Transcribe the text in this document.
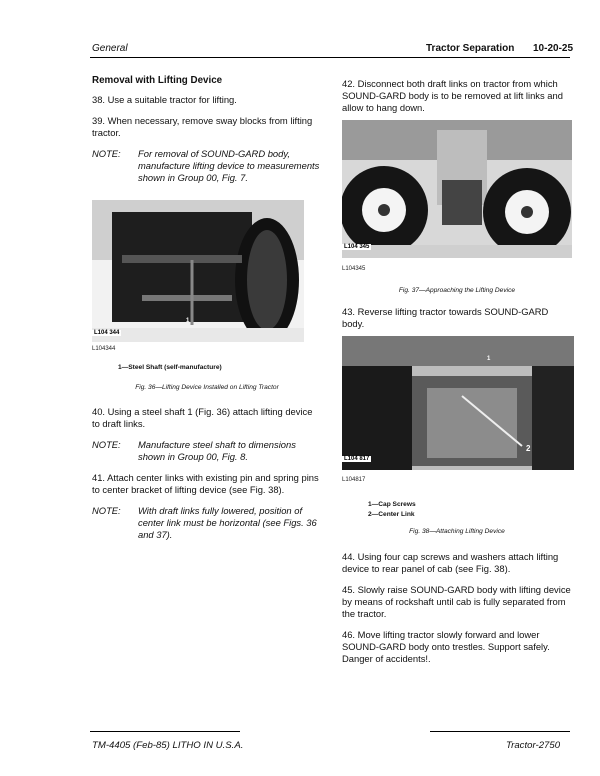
General	Tractor Separation 10-20-25

Removal with Lifting Device

38. Use a suitable tractor for lifting.

39. When necessary, remove sway blocks from lifting tractor.

NOTE:	For removal of SOUND-GARD body, manufacture lifting device to measurements shown in Group 00, Fig. 7.
L104 344
1
L104344
1—Steel Shaft (self-manufacture)
Fig. 36—Lifting Device Installed on Lifting Tractor

40. Using a steel shaft 1 (Fig. 36) attach lifting device to draft links.

NOTE:	Manufacture steel shaft to dimensions shown in Group 00, Fig. 8.

41. Attach center links with existing pin and spring pins to center bracket of lifting device (see Fig. 38).

NOTE:	With draft links fully lowered, position of center link must be horizontal (see Figs. 36 and 37).

42. Disconnect both draft links on tractor from which SOUND-GARD body is to be removed at lift links and allow to hang down.

L104 345
L104345
Fig. 37—Approaching the Lifting Device

43. Reverse lifting tractor towards SOUND-GARD body.

L104 817
1
2
L104817
1—Cap Screws
2—Center Link
Fig. 38—Attaching Lifting Device

44. Using four cap screws and washers attach lifting device to rear panel of cab (see Fig. 38).

45. Slowly raise SOUND-GARD body with lifting device by means of rockshaft until cab is fully separated from the tractor.

46. Move lifting tractor slowly forward and lower SOUND-GARD body onto trestles. Support safely. Danger of accidents!.

TM-4405 (Feb-85) LITHO IN U.S.A.	Tractor-2750
